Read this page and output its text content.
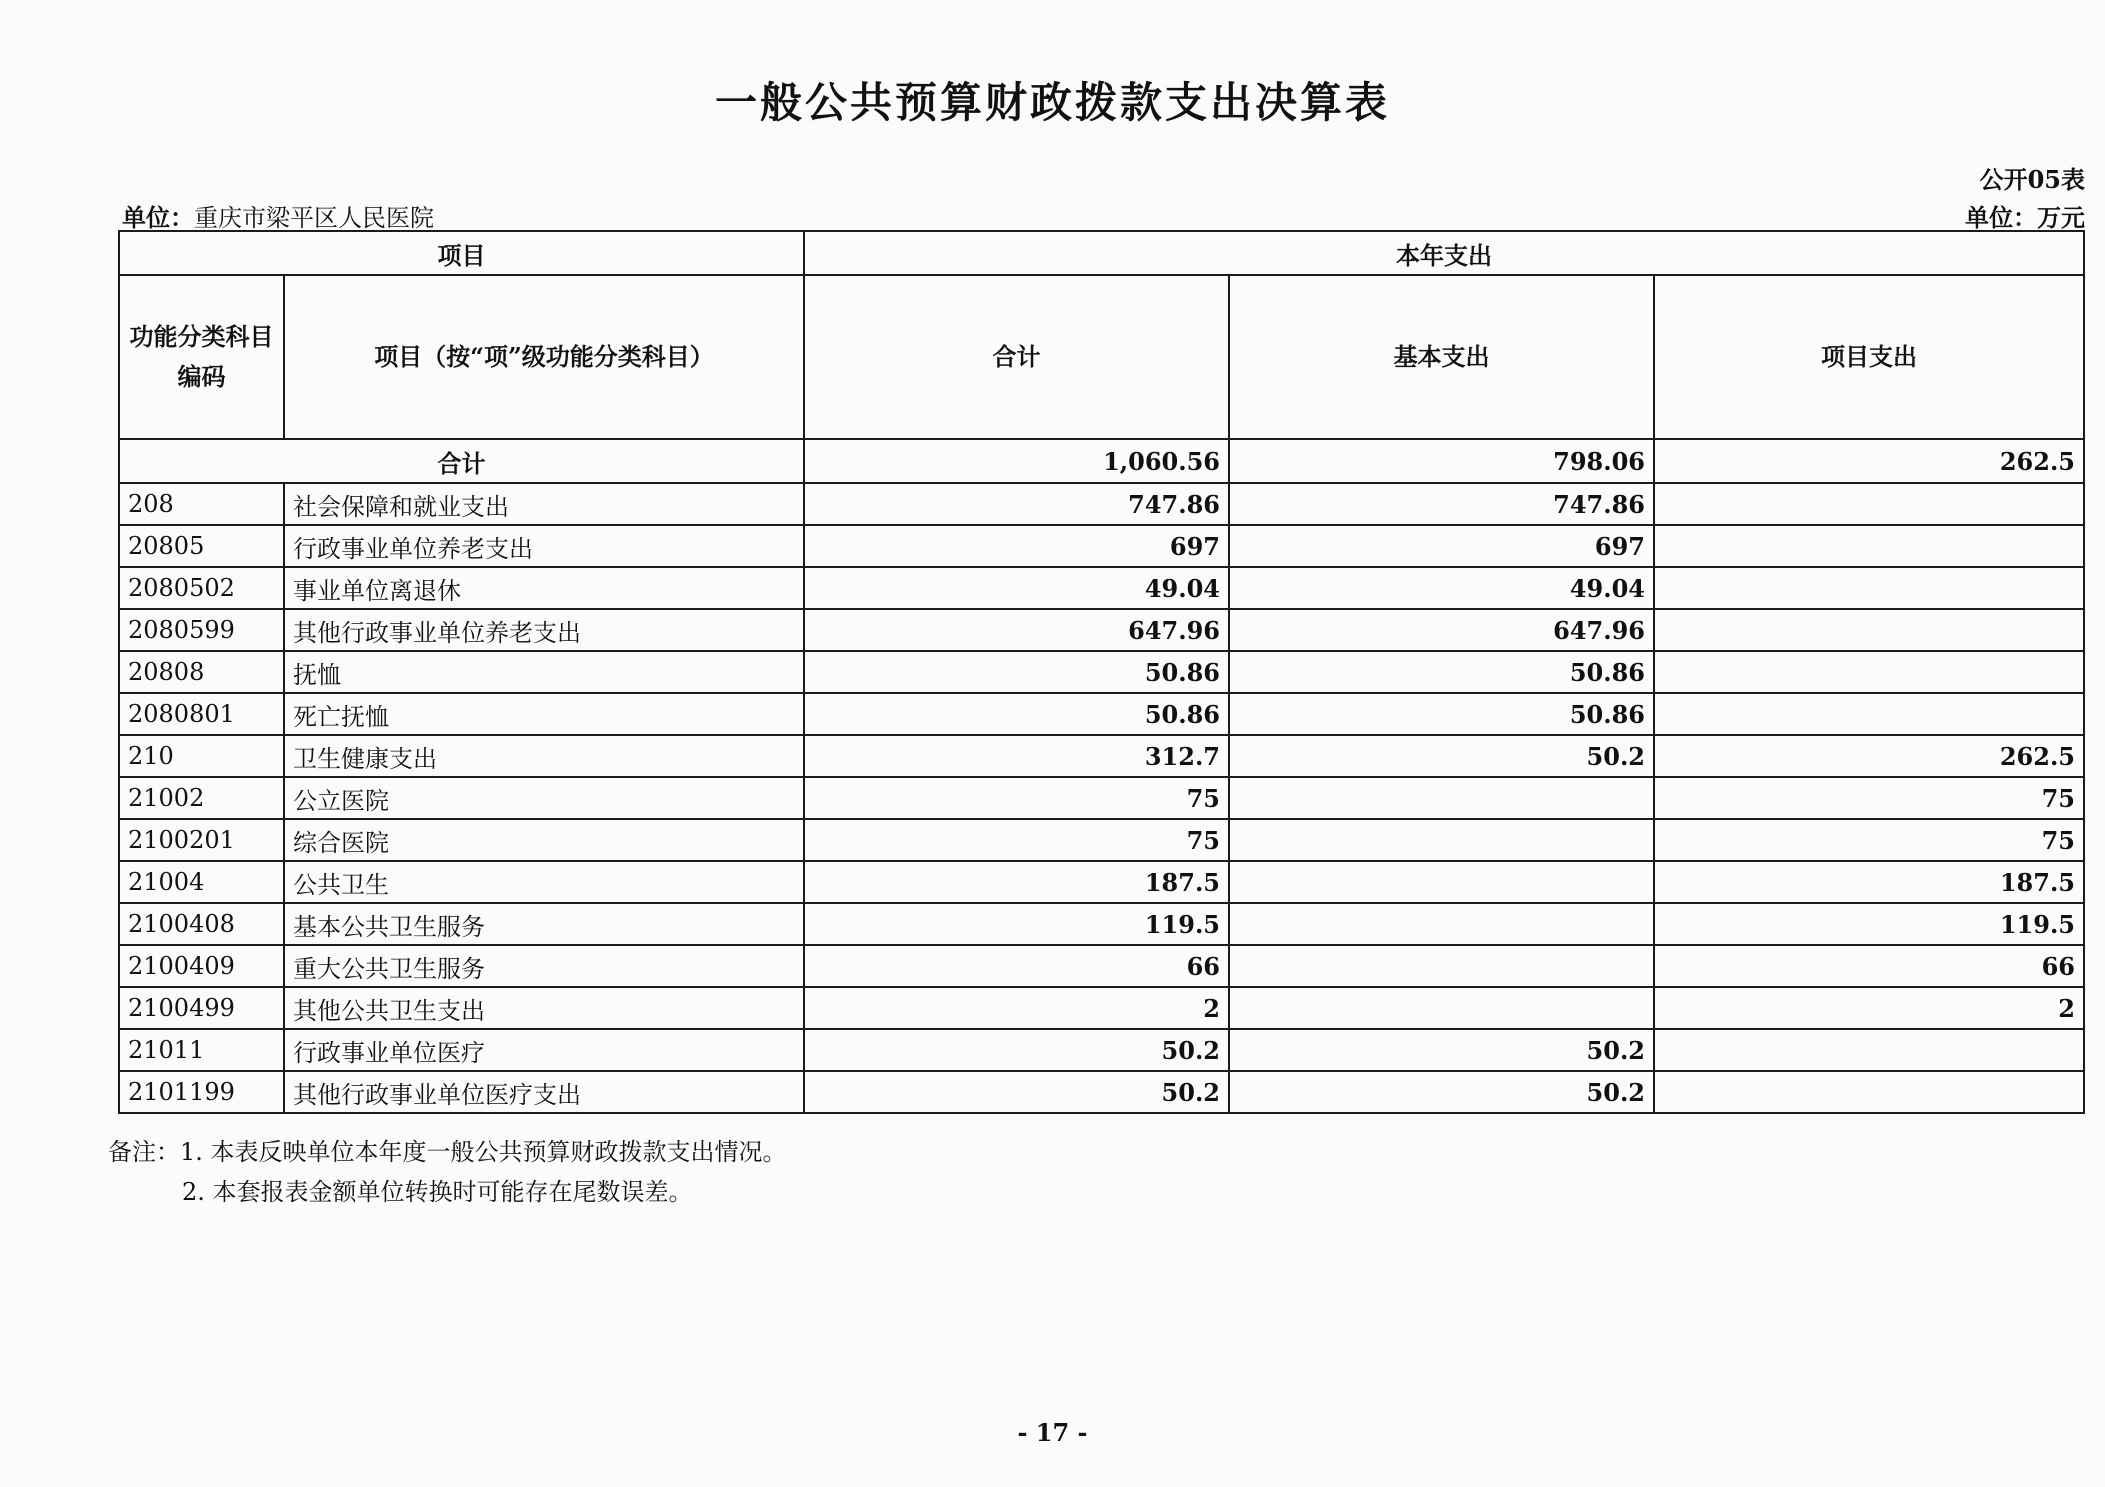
一般公共预算财政拨款支出决算表
公开05表
单位：重庆市梁平区人民医院	单位：万元
项目		本年支出		
功能分类科目编码	项目（按“项”级功能分类科目）	合计	基本支出	项目支出
合计		1,060.56	798.06	262.5
208	社会保障和就业支出	747.86	747.86	
20805	行政事业单位养老支出	697	697	
2080502	事业单位离退休	49.04	49.04	
2080599	其他行政事业单位养老支出	647.96	647.96	
20808	抚恤	50.86	50.86	
2080801	死亡抚恤	50.86	50.86	
210	卫生健康支出	312.7	50.2	262.5
21002	公立医院	75		75
2100201	综合医院	75		75
21004	公共卫生	187.5		187.5
2100408	基本公共卫生服务	119.5		119.5
2100409	重大公共卫生服务	66		66
2100499	其他公共卫生支出	2		2
21011	行政事业单位医疗	50.2	50.2	
2101199	其他行政事业单位医疗支出	50.2	50.2	
备注：1. 本表反映单位本年度一般公共预算财政拨款支出情况。
2. 本套报表金额单位转换时可能存在尾数误差。
- 17 -
